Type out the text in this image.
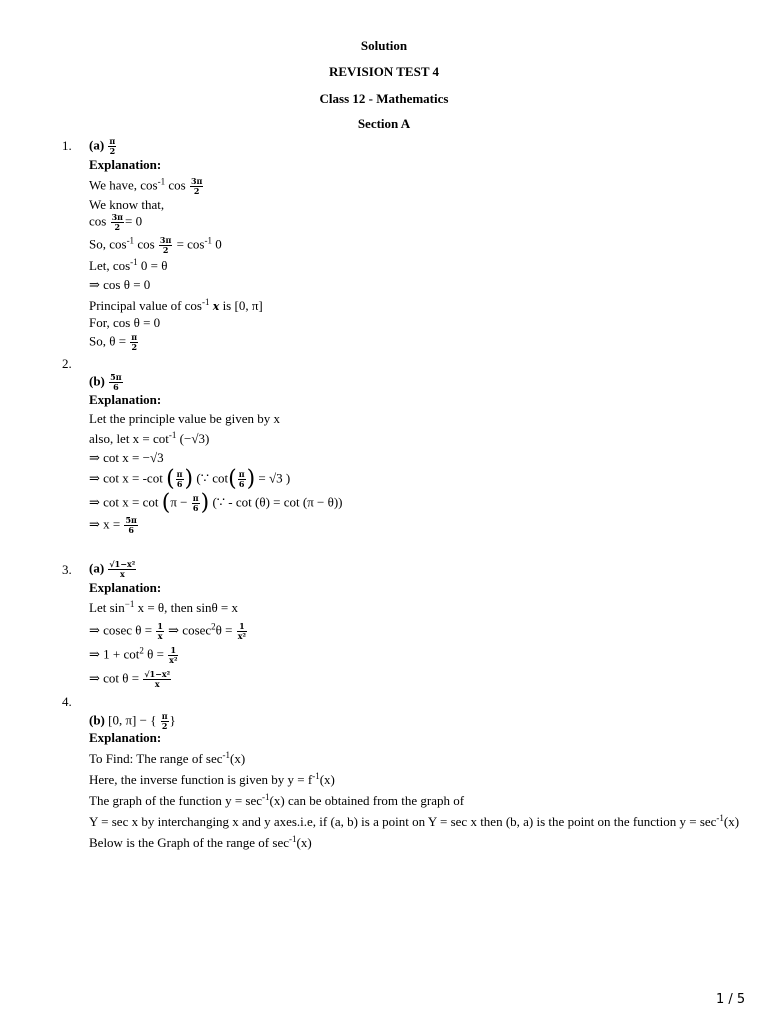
Solution
REVISION TEST 4
Class 12 - Mathematics
Section A
1. $(a) \frac{\pi}{2}$
Explanation:
We have, $\cos^{-1} \cos \frac{3\pi}{2}$
We know that,
$\cos \frac{3\pi}{2} = 0$
So, $\cos^{-1} \cos \frac{3\pi}{2} = \cos^{-1} 0$
Let, $\cos^{-1} 0 = \theta$
⇒ cos θ = 0
Principal value of $\cos^{-1} x$ is [0, π]
For, cos θ = 0
So, $\theta = \frac{\pi}{2}$
2.
$(b) \frac{5\pi}{6}$
Explanation:
Let the principle value be given by x
also, let $x = \cot^{-1} (-√3)$
⇒ cot x = −√3
⇒ cot x = -cot ( $\frac{\pi}{6}$ ) (∵ $\cot( \frac{\pi}{6}$ ) = √3 )
⇒ $\cot x = \cot (\pi - \frac{\pi}{6}$ ) (∵ - cot (θ) = cot (π − θ))
⇒ $x = \frac{5\pi}{6}$
3. $(a) \frac{\text{√1−x²}}{x}$
Explanation:
Let $\sin^{-1} x = \theta$, then sinθ = x
⇒ cosec $\theta = \frac{1}{x}$ ⇒ $cosec^2\theta = \frac{1}{\text{x²}}$
⇒ $1 + \cot^2 \theta = \frac{1}{\text{x²}}$
⇒ $\cot \theta = \frac{\text{√1−x²}}{x}$
4.
(b) [0, π] − { $\frac{\pi}{2}$ }
Explanation:
To Find: The range of $\sec^{-1}(x)$
Here, the inverse function is given by $y = f^{-1}(x)$
The graph of the function $y = \sec^{-1}(x)$ can be obtained from the graph of
Y = sec x by interchanging x and y axes.i.e, if (a, b) is a point on Y = sec x then (b, a) is the point on the function $y = \sec^{-1}(x)$
Below is the Graph of the range of $\sec^{-1}(x)$
1 / 5
